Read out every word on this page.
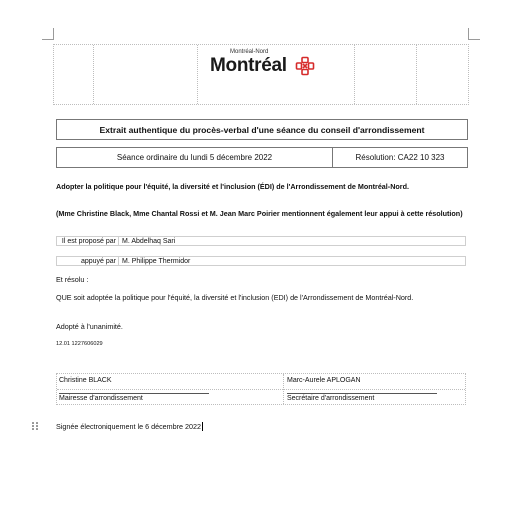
Montréal-Nord
Montréal
Extrait authentique du procès-verbal d'une séance du conseil d'arrondissement
Séance ordinaire du lundi 5 décembre 2022	Résolution: CA22 10 323
Adopter la politique pour l'équité, la diversité et l'inclusion (ÉDI) de l'Arrondissement de Montréal-Nord.
(Mme Christine Black, Mme Chantal Rossi et M. Jean Marc Poirier mentionnent également leur appui à cette résolution)
Il est proposé par M. Abdelhaq Sari
appuyé par M. Philippe Thermidor
Et résolu :
QUE soit adoptée la politique pour l'équité, la diversité et l'inclusion (EDI) de l'Arrondissement de Montréal-Nord.
Adopté à l'unanimité.
12.01 1227606029
Christine BLACK
Mairesse d'arrondissement
Marc-Aurele APLOGAN
Secrétaire d'arrondissement
Signée électroniquement le 6 décembre 2022
